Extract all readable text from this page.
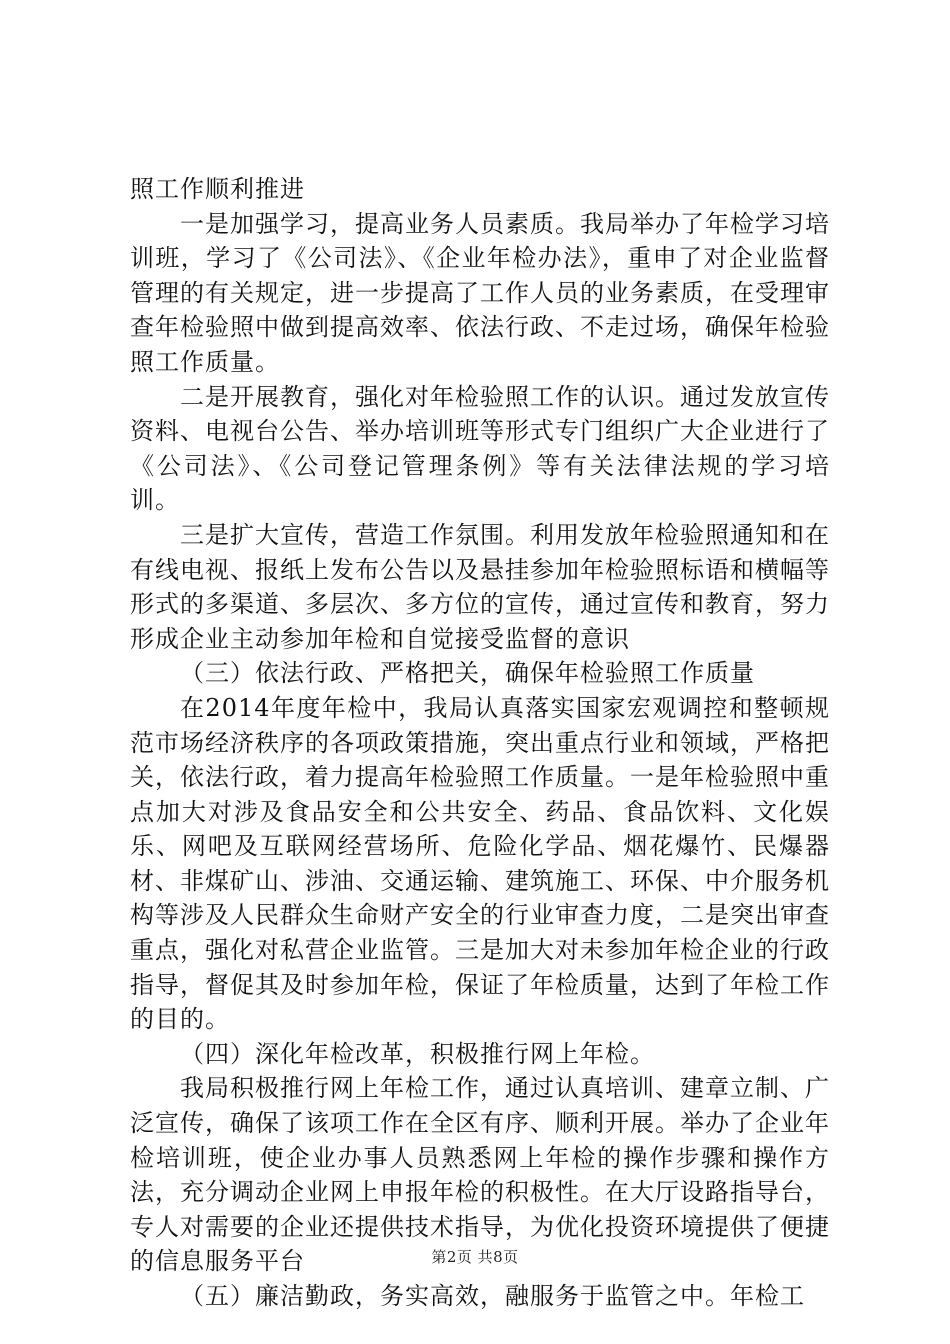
照工作顺利推进

一是加强学习，提高业务人员素质。我局举办了年检学习培训班，学习了《公司法》、《企业年检办法》，重申了对企业监督管理的有关规定，进一步提高了工作人员的业务素质，在受理审查年检验照中做到提高效率、依法行政、不走过场，确保年检验照工作质量。

二是开展教育，强化对年检验照工作的认识。通过发放宣传资料、电视台公告、举办培训班等形式专门组织广大企业进行了《公司法》、《公司登记管理条例》等有关法律法规的学习培训。

三是扩大宣传，营造工作氛围。利用发放年检验照通知和在有线电视、报纸上发布公告以及悬挂参加年检验照标语和横幅等形式的多渠道、多层次、多方位的宣传，通过宣传和教育，努力形成企业主动参加年检和自觉接受监督的意识

（三）依法行政、严格把关，确保年检验照工作质量

在2014年度年检中，我局认真落实国家宏观调控和整顿规范市场经济秩序的各项政策措施，突出重点行业和领域，严格把关，依法行政，着力提高年检验照工作质量。一是年检验照中重点加大对涉及食品安全和公共安全、药品、食品饮料、文化娱乐、网吧及互联网经营场所、危险化学品、烟花爆竹、民爆器材、非煤矿山、涉油、交通运输、建筑施工、环保、中介服务机构等涉及人民群众生命财产安全的行业审查力度，二是突出审查重点，强化对私营企业监管。三是加大对未参加年检企业的行政指导，督促其及时参加年检，保证了年检质量，达到了年检工作的目的。

（四）深化年检改革，积极推行网上年检。

我局积极推行网上年检工作，通过认真培训、建章立制、广泛宣传，确保了该项工作在全区有序、顺利开展。举办了企业年检培训班，使企业办事人员熟悉网上年检的操作步骤和操作方法，充分调动企业网上申报年检的积极性。在大厅设路指导台，专人对需要的企业还提供技术指导，为优化投资环境提供了便捷的信息服务平台

（五）廉洁勤政，务实高效，融服务于监管之中。年检工

第2页 共8页
